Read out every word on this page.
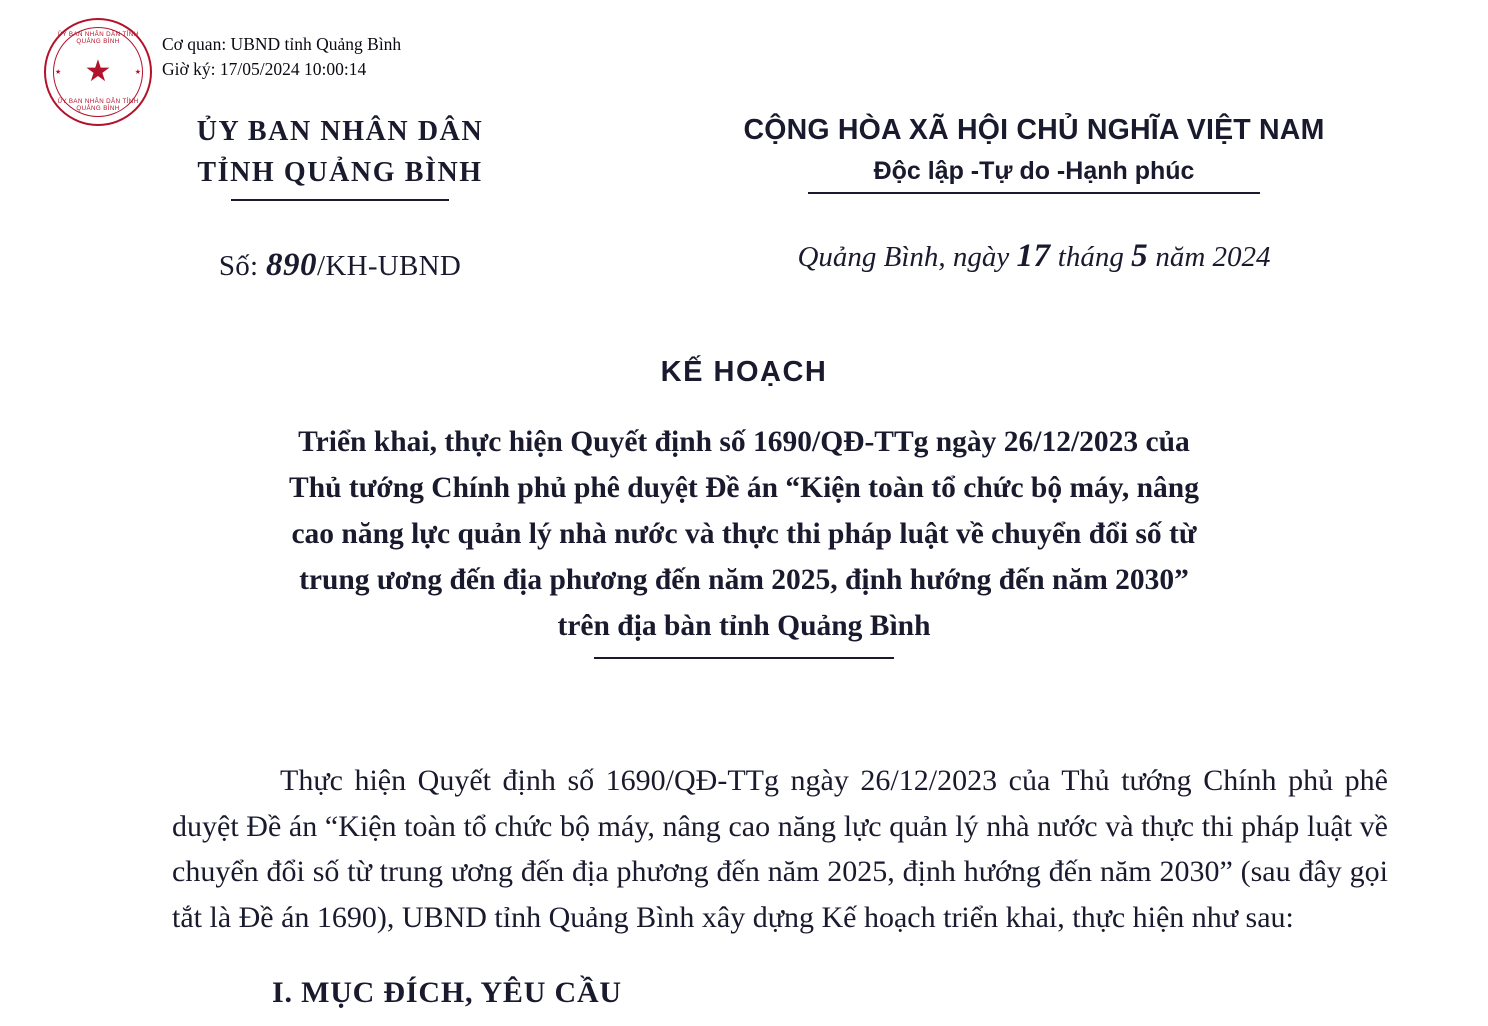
ỦY BAN NHÂN DÂN TỈNH QUẢNG BÌNH
★
★	★
ỦY BAN NHÂN DÂN TỈNH QUẢNG BÌNH
Cơ quan: UBND tỉnh Quảng Bình
Giờ ký: 17/05/2024 10:00:14
ỦY BAN NHÂN DÂN
TỈNH QUẢNG BÌNH
Số: 890/KH-UBND
CỘNG HÒA XÃ HỘI CHỦ NGHĨA VIỆT NAM
Độc lập -Tự do -Hạnh phúc
Quảng Bình, ngày 17 tháng 5 năm 2024
KẾ HOẠCH
Triển khai, thực hiện Quyết định số 1690/QĐ-TTg ngày 26/12/2023 của
Thủ tướng Chính phủ phê duyệt Đề án “Kiện toàn tổ chức bộ máy, nâng
cao năng lực quản lý nhà nước và thực thi pháp luật về chuyển đổi số từ
trung ương đến địa phương đến năm 2025, định hướng đến năm 2030”
trên địa bàn tỉnh Quảng Bình

Thực hiện Quyết định số 1690/QĐ-TTg ngày 26/12/2023 của Thủ tướng Chính phủ phê duyệt Đề án “Kiện toàn tổ chức bộ máy, nâng cao năng lực quản lý nhà nước và thực thi pháp luật về chuyển đổi số từ trung ương đến địa phương đến năm 2025, định hướng đến năm 2030” (sau đây gọi tắt là Đề án 1690), UBND tỉnh Quảng Bình xây dựng Kế hoạch triển khai, thực hiện như sau:

I. MỤC ĐÍCH, YÊU CẦU
